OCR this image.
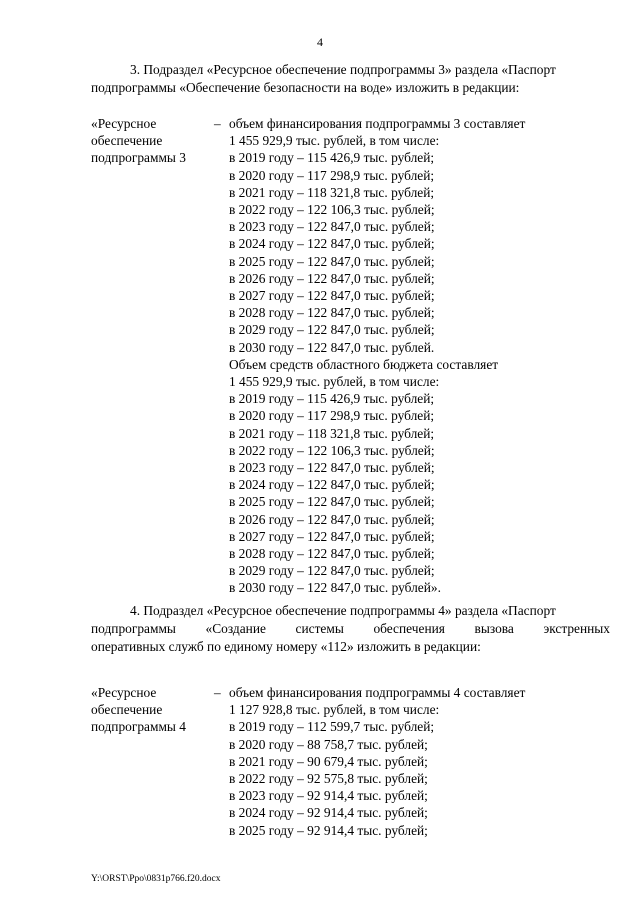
4
3. Подраздел «Ресурсное обеспечение подпрограммы 3» раздела «Паспорт
подпрограммы «Обеспечение безопасности на воде» изложить в редакции:
«Ресурсное
обеспечение
подпрограммы 3
– объем финансирования подпрограммы 3 составляет
1 455 929,9 тыс. рублей, в том числе:
в 2019 году – 115 426,9 тыс. рублей;
в 2020 году – 117 298,9 тыс. рублей;
в 2021 году – 118 321,8 тыс. рублей;
в 2022 году – 122 106,3 тыс. рублей;
в 2023 году – 122 847,0 тыс. рублей;
в 2024 году – 122 847,0 тыс. рублей;
в 2025 году – 122 847,0 тыс. рублей;
в 2026 году – 122 847,0 тыс. рублей;
в 2027 году – 122 847,0 тыс. рублей;
в 2028 году – 122 847,0 тыс. рублей;
в 2029 году – 122 847,0 тыс. рублей;
в 2030 году – 122 847,0 тыс. рублей.
Объем средств областного бюджета составляет
1 455 929,9 тыс. рублей, в том числе:
в 2019 году – 115 426,9 тыс. рублей;
в 2020 году – 117 298,9 тыс. рублей;
в 2021 году – 118 321,8 тыс. рублей;
в 2022 году – 122 106,3 тыс. рублей;
в 2023 году – 122 847,0 тыс. рублей;
в 2024 году – 122 847,0 тыс. рублей;
в 2025 году – 122 847,0 тыс. рублей;
в 2026 году – 122 847,0 тыс. рублей;
в 2027 году – 122 847,0 тыс. рублей;
в 2028 году – 122 847,0 тыс. рублей;
в 2029 году – 122 847,0 тыс. рублей;
в 2030 году – 122 847,0 тыс. рублей».
4. Подраздел «Ресурсное обеспечение подпрограммы 4» раздела «Паспорт
подпрограммы «Создание системы обеспечения вызова экстренных
оперативных служб по единому номеру «112» изложить в редакции:
«Ресурсное
обеспечение
подпрограммы 4
– объем финансирования подпрограммы 4 составляет
1 127 928,8 тыс. рублей, в том числе:
в 2019 году – 112 599,7 тыс. рублей;
в 2020 году – 88 758,7 тыс. рублей;
в 2021 году – 90 679,4 тыс. рублей;
в 2022 году – 92 575,8 тыс. рублей;
в 2023 году – 92 914,4 тыс. рублей;
в 2024 году – 92 914,4 тыс. рублей;
в 2025 году – 92 914,4 тыс. рублей;
Y:\ORST\Ppo\0831p766.f20.docx
